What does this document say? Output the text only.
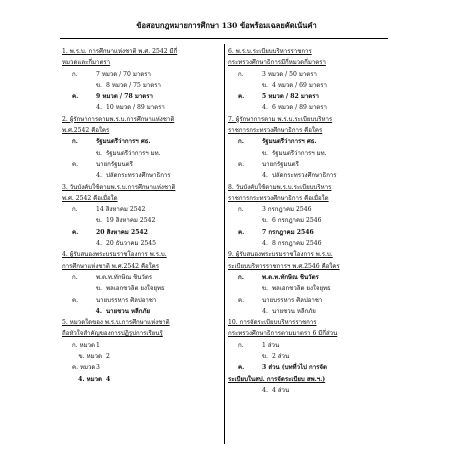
ข้อสอบกฎหมายการศึกษา 130 ข้อพร้อมเฉลยคัดเน้นคำ
1. พ.ร.บ. การศึกษาแห่งชาติ พ.ศ. 2542 มีกี่
หมวดและกี่มาตรา
ก.	7 หมวด / 70 มาตรา
ข. 8 หมวด / 75 มาตรา
ค.	9 หมวด / 78 มาตรา
4. 10 หมวด / 89 มาตรา
2. ผู้รักษาการตามพ.ร.บ.การศึกษาแห่งชาติ
พ.ศ.2542 คือใคร
ก.	รัฐมนตรีว่าการฯ ศธ.
ข. รัฐมนตรีว่าการฯ มท.
ค.	นายกรัฐมนตรี
4. ปลัดกระทรวงศึกษาธิการ
3. วันบังคับใช้ตามพ.ร.บ.การศึกษาแห่งชาติ
พ.ศ. 2542 คือเมื่อใด
ก.	14 สิงหาคม 2542
ข. 19 สิงหาคม 2542
ค.	20 สิงหาคม 2542
4. 20 ธันวาคม 2545
4. ผู้รับสนองพระบรมราชโองการ พ.ร.บ.
การศึกษาแห่งชาติ พ.ศ.2542 คือใคร
ก.	พ.ต.ท.ทักษิณ ชินวัตร
ข. พลเอกชวลิต ยงใจยุทธ
ค.	นายบรรหาร ศิลปอาชา
4. นายชวน หลีกภัย
5. หมวดใดของ พ.ร.บ.การศึกษาแห่งชาติ
ถือหัวใจสำคัญของการปฏิรูปการเรียนรู้
ก. หมวด 1
ข. หมวด 2
ค. หมวด 3
4. หมวด 4
6. พ.ร.บ.ระเบียบบริหารราชการ
กระทรวงศึกษาธิการมีกี่หมวดกี่มาตรา
ก.	3 หมวด / 50 มาตรา
ข. 4 หมวด / 69 มาตรา
ค.	5 หมวด / 82 มาตรา
4. 6 หมวด / 89 มาตรา
7. ผู้รักษาการตาม พ.ร.บ.ระเบียบบริหาร
ราชการกระทรวงศึกษาธิการ คือใคร
ก.	รัฐมนตรีว่าการฯ ศธ.
ข. รัฐมนตรีว่าการฯ มท.
ค.	นายกรัฐมนตรี
4. ปลัดกระทรวงศึกษาธิการ
8. วันบังคับใช้ตามพ.ร.บ.ระเบียบบริหาร
ราชการกระทรวงศึกษาธิการ คือเมื่อใด
ก.	3 กรกฎาคม 2546
ข. 6 กรกฎาคม 2546
ค.	7 กรกฎาคม 2546
4. 8 กรกฎาคม 2546
9. ผู้รับสนองพระบรมราชโองการ พ.ร.บ.
ระเบียบบริหารราชการฯ พ.ศ.2546 คือใคร
ก.	พ.ต.ท.ทักษิณ ชินวัตร
ข. พลเอกชวลิต ยงใจยุทธ
ค.	นายบรรหาร ศิลปอาชา
4. นายชวน หลีกภัย
10. การจัดระเบียบบริหารราชการ
กระทรวงศึกษาธิการตามมาตรา 6 มีกี่ส่วน
ก.	1 ส่วน
ข. 2 ส่วน
ค.	3 ส่วน (บทที่วไป การจัด
ระเบียบในสป. การจัดระเบียบ สพ.ฯ.)
4. 4 ส่วน
